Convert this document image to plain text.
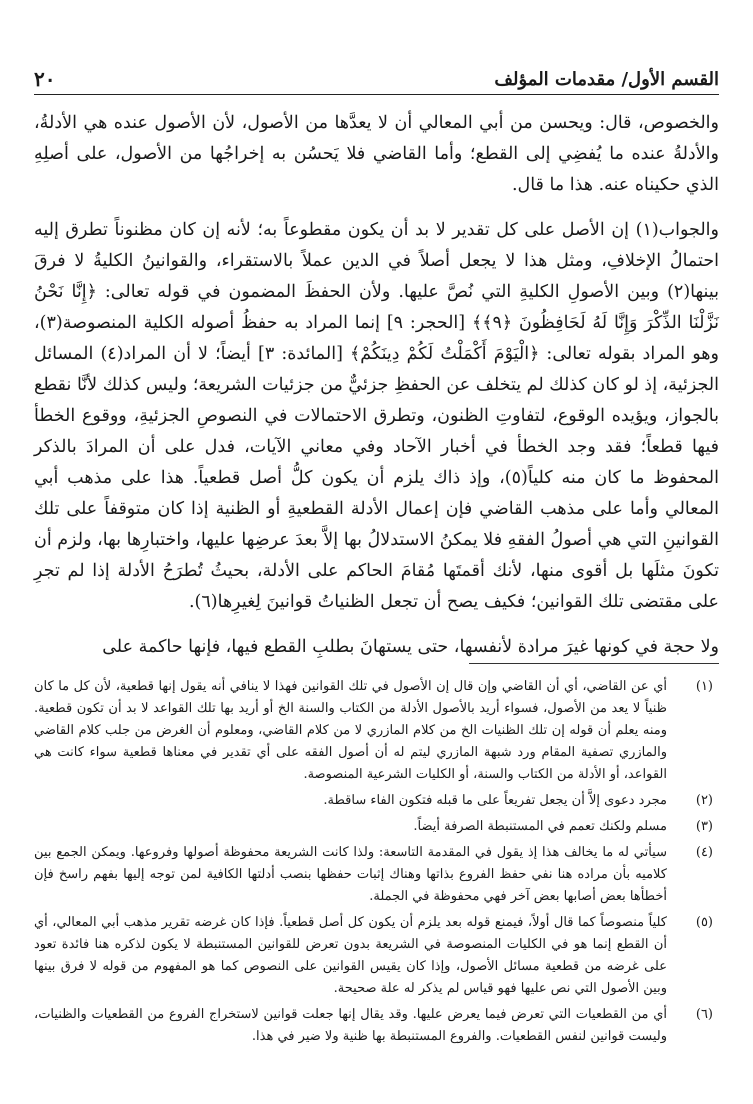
القسم الأول/ مقدمات المؤلف
٢٠

والخصوص، قال: ويحسن من أبي المعالي أن لا يعدَّها من الأصول، لأن الأصول عنده هي الأدلةُ، والأدلةُ عنده ما يُفضِي إلى القطع؛ وأما القاضي فلا يَحسُن به إخراجُها من الأصول، على أصلِهِ الذي حكيناه عنه. هذا ما قال.

والجواب(١) إن الأصل على كل تقدير لا بد أن يكون مقطوعاً به؛ لأنه إن كان مظنوناً تطرق إليه احتمالُ الإخلافِ، ومثل هذا لا يجعل أصلاً في الدين عملاً بالاستقراء، والقوانينُ الكليةُ لا فرقَ بينها(٢) وبين الأصولِ الكليةِ التي نُصَّ عليها. ولأن الحفظَ المضمون في قوله تعالى: ﴿إِنَّا نَحْنُ نَزَّلْنَا الذِّكْرَ وَإِنَّا لَهُ لَحَافِظُونَ ﴿٩﴾﴾ [الحجر: ٩] إنما المراد به حفظُ أصوله الكلية المنصوصة(٣)، وهو المراد بقوله تعالى: ﴿الْيَوْمَ أَكْمَلْتُ لَكُمْ دِينَكُمْ﴾ [المائدة: ٣] أيضاً؛ لا أن المراد(٤) المسائل الجزئية، إذ لو كان كذلك لم يتخلف عن الحفظِ جزئيٌّ من جزئيات الشريعة؛ وليس كذلك لأنَّا نقطع بالجواز، ويؤيده الوقوع، لتفاوتِ الظنون، وتطرق الاحتمالات في النصوصِ الجزئيةِ، ووقوع الخطأ فيها قطعاً؛ فقد وجد الخطأ في أخبار الآحاد وفي معاني الآيات، فدل على أن المرادَ بالذكر المحفوظ ما كان منه كلياً(٥)، وإذ ذاك يلزم أن يكون كلُّ أصل قطعياً. هذا على مذهب أبي المعالي وأما على مذهب القاضي فإن إعمال الأدلة القطعيةِ أو الظنية إذا كان متوقفاً على تلك القوانينِ التي هي أصولُ الفقهِ فلا يمكنُ الاستدلالُ بها إلاَّ بعدَ عرضِها عليها، واختبارِها بها، ولزم أن تكونَ مثلَها بل أقوى منها، لأنك أقمتَها مُقامَ الحاكم على الأدلة، بحيثُ تُطرَحُ الأدلة إذا لم تجرِ على مقتضى تلك القوانين؛ فكيف يصح أن تجعل الظنياتُ قوانينَ لِغيرِها(٦).

ولا حجة في كونها غيرَ مرادة لأنفسها، حتى يستهانَ بطلبِ القطع فيها، فإنها حاكمة على

(١)
أي عن القاضي، أي أن القاضي وإن قال إن الأصول في تلك القوانين فهذا لا ينافي أنه يقول إنها قطعية، لأن كل ما كان ظنياً لا يعد من الأصول، فسواء أريد بالأصول الأدلة من الكتاب والسنة الخ أو أريد بها تلك القواعد لا بد أن تكون قطعية. ومنه يعلم أن قوله إن تلك الظنيات الخ من كلام المازري لا من كلام القاضي، ومعلوم أن الغرض من جلب كلام القاضي والمازري تصفية المقام ورد شبهة المازري ليتم له أن أصول الفقه على أي تقدير في معناها قطعية سواء كانت هي القواعد، أو الأدلة من الكتاب والسنة، أو الكليات الشرعية المنصوصة.
(٢)
مجرد دعوى إلاَّ أن يجعل تفريعاً على ما قبله فتكون الفاء ساقطة.
(٣)
مسلم ولكنك تعمم في المستنبطة الصرفة أيضاً.
(٤)
سيأتي له ما يخالف هذا إذ يقول في المقدمة التاسعة: ولذا كانت الشريعة محفوظة أصولها وفروعها. ويمكن الجمع بين كلاميه بأن مراده هنا نفي حفظ الفروع بذاتها وهناك إثبات حفظها بنصب أدلتها الكافية لمن توجه إليها بفهم راسخ فإن أخطأها بعض أصابها بعض آخر فهي محفوظة في الجملة.
(٥)
كلياً منصوصاً كما قال أولاً، فيمنع قوله بعد يلزم أن يكون كل أصل قطعياً. فإذا كان غرضه تقرير مذهب أبي المعالي، أي أن القطع إنما هو في الكليات المنصوصة في الشريعة بدون تعرض للقوانين المستنبطة لا يكون لذكره هنا فائدة تعود على غرضه من قطعية مسائل الأصول، وإذا كان يقيس القوانين على النصوص كما هو المفهوم من قوله لا فرق بينها وبين الأصول التي نص عليها فهو قياس لم يذكر له علة صحيحة.
(٦)
أي من القطعيات التي تعرض فيما يعرض عليها. وقد يقال إنها جعلت قوانين لاستخراج الفروع من القطعيات والظنيات، وليست قوانين لنفس القطعيات. والفروع المستنبطة بها ظنية ولا ضير في هذا.
